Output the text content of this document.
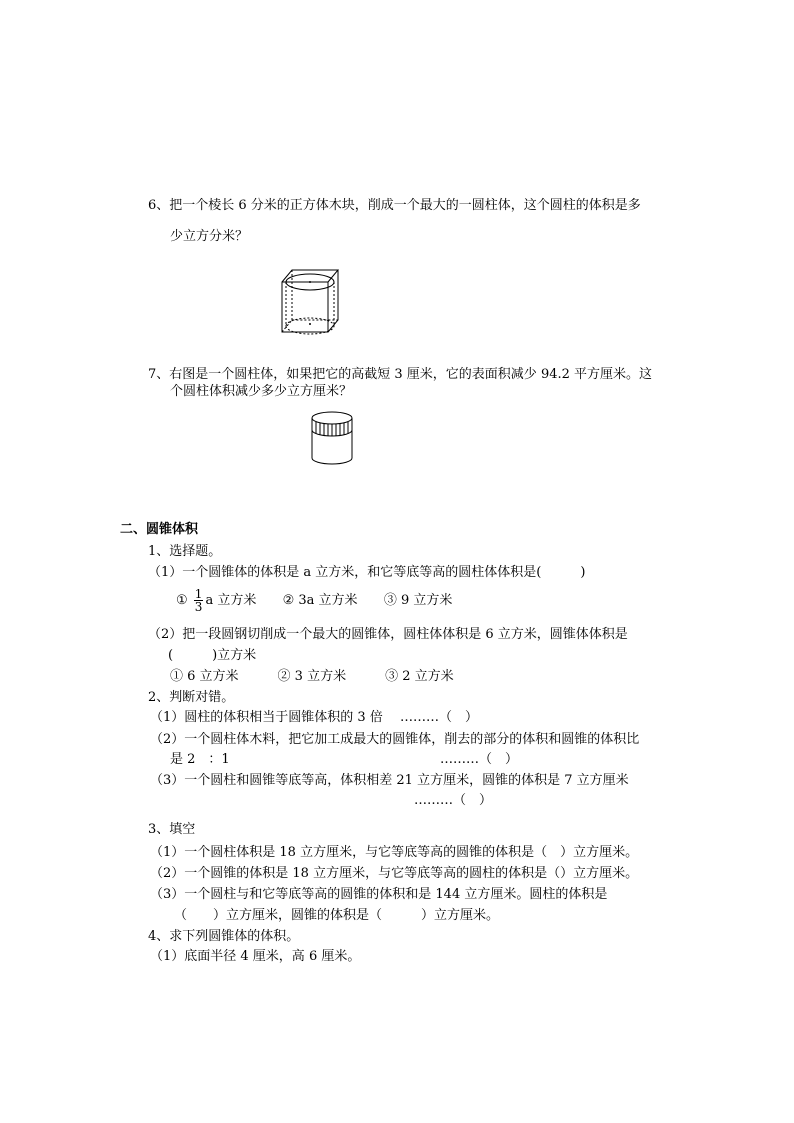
6、把一个棱长 6 分米的正方体木块，削成一个最大的一圆柱体，这个圆柱的体积是多
少立方分米？
7、右图是一个圆柱体，如果把它的高截短 3 厘米，它的表面积减少 94.2 平方厘米。这
个圆柱体积减少多少立方厘米？
二、圆锥体积
1、选择题。
（1）一个圆锥体的体积是 a 立方米，和它等底等高的圆柱体体积是(　　　)
① $\frac{1}{3}$ a 立方米 ② 3a 立方米 ③ 9 立方米
（2）把一段圆钢切削成一个最大的圆锥体，圆柱体体积是 6 立方米，圆锥体体积是
(　　　)立方米
① 6 立方米　　　② 3 立方米　　　③ 2 立方米
2、判断对错。
（1）圆柱的体积相当于圆锥体积的 3 倍　 ………（　）
（2）一个圆柱体木料，把它加工成最大的圆锥体，削去的部分的体积和圆锥的体积比
是 2　：1	………（　）
（3）一个圆柱和圆锥等底等高，体积相差 21 立方厘米，圆锥的体积是 7 立方厘米
………（　）
3、填空
（1）一个圆柱体积是 18 立方厘米，与它等底等高的圆锥的体积是（　）立方厘米。
（2）一个圆锥的体积是 18 立方厘米，与它等底等高的圆柱的体积是（）立方厘米。
（3）一个圆柱与和它等底等高的圆锥的体积和是 144 立方厘米。圆柱的体积是
（　　）立方厘米，圆锥的体积是（　　　）立方厘米。
4、求下列圆锥体的体积。
（1）底面半径 4 厘米，高 6 厘米。
